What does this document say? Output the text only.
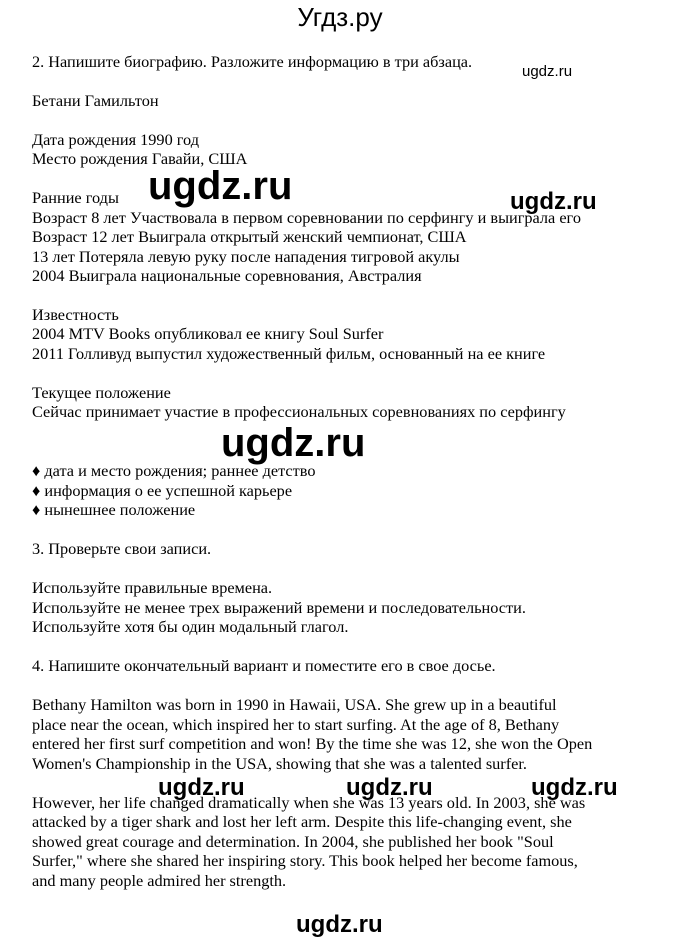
Угдз.ру
2. Напишите биографию. Разложите информацию в три абзаца.
Бетани Гамильтон
Дата рождения 1990 год
Место рождения Гавайи, США
Ранние годы
Возраст 8 лет Участвовала в первом соревновании по серфингу и выиграла его
Возраст 12 лет Выиграла открытый женский чемпионат, США
13 лет Потеряла левую руку после нападения тигровой акулы
2004 Выиграла национальные соревнования, Австралия
Известность
2004 MTV Books опубликовал ее книгу Soul Surfer
2011 Голливуд выпустил художественный фильм, основанный на ее книге
Текущее положение
Сейчас принимает участие в профессиональных соревнованиях по серфингу
♦ дата и место рождения; раннее детство
♦ информация о ее успешной карьере
♦ нынешнее положение
3. Проверьте свои записи.
Используйте правильные времена.
Используйте не менее трех выражений времени и последовательности.
Используйте хотя бы один модальный глагол.
4. Напишите окончательный вариант и поместите его в свое досье.
Bethany Hamilton was born in 1990 in Hawaii, USA. She grew up in a beautiful
place near the ocean, which inspired her to start surfing. At the age of 8, Bethany
entered her first surf competition and won! By the time she was 12, she won the Open
Women's Championship in the USA, showing that she was a talented surfer.
However, her life changed dramatically when she was 13 years old. In 2003, she was
attacked by a tiger shark and lost her left arm. Despite this life-changing event, she
showed great courage and determination. In 2004, she published her book "Soul
Surfer," where she shared her inspiring story. This book helped her become famous,
and many people admired her strength.
ugdz.ru
ugdz.ru	ugdz.ru
ugdz.ru
ugdz.ru	ugdz.ru	ugdz.ru
ugdz.ru
